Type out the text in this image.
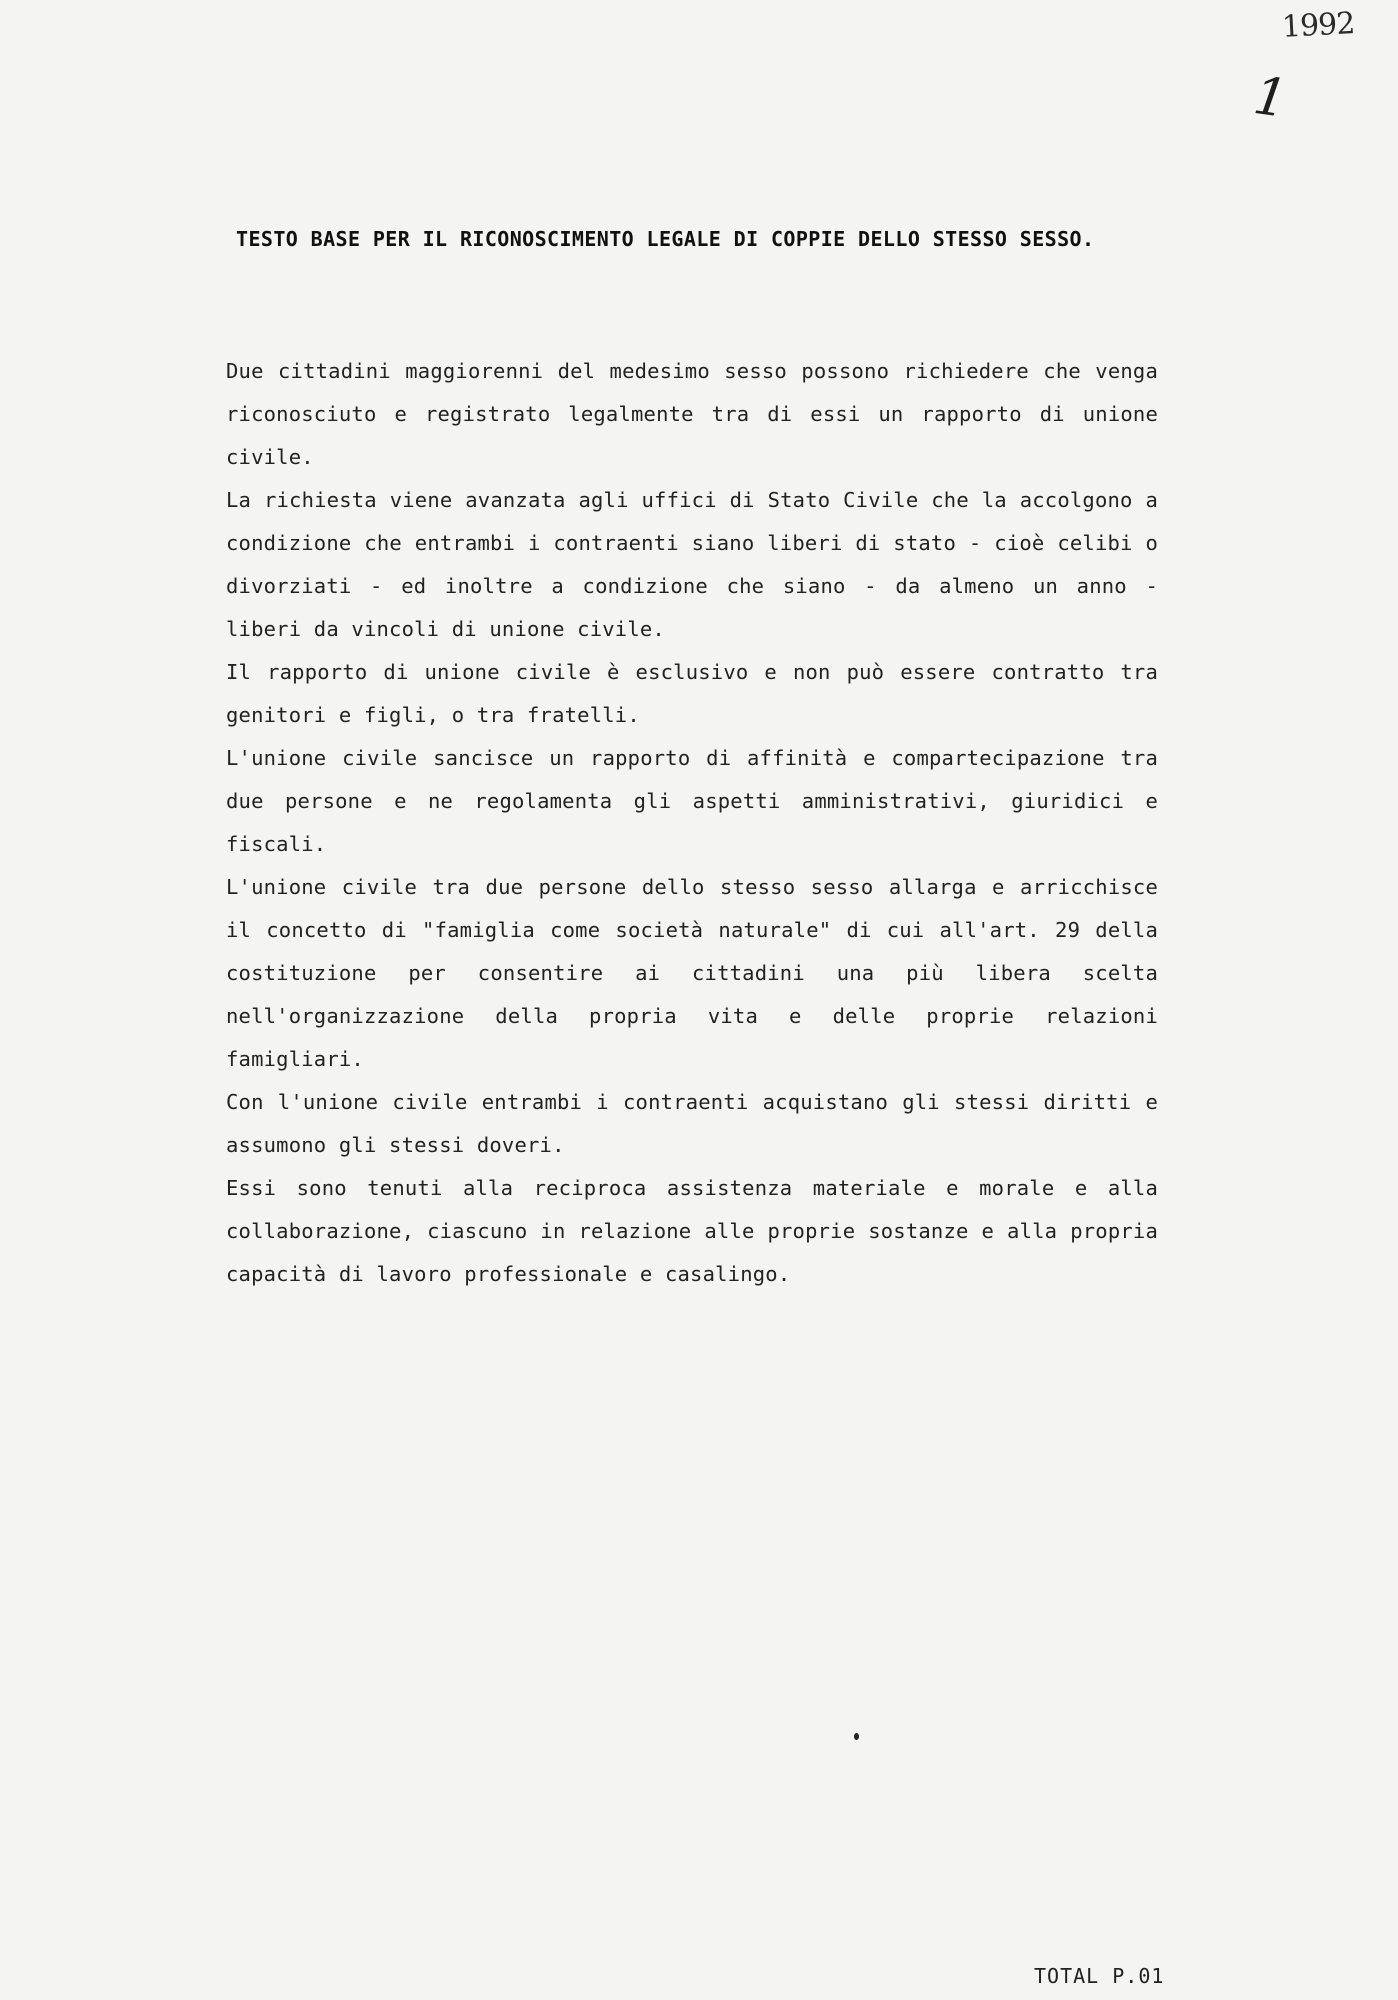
1992
1
TESTO BASE PER IL RICONOSCIMENTO LEGALE DI COPPIE DELLO STESSO SESSO.

Due cittadini maggiorenni del medesimo sesso possono richiedere che venga riconosciuto e registrato legalmente tra di essi un rapporto di unione civile.

La richiesta viene avanzata agli uffici di Stato Civile che la accolgono a condizione che entrambi i contraenti siano liberi di stato - cioè celibi o divorziati - ed inoltre a condizione che siano - da almeno un anno - liberi da vincoli di unione civile.

Il rapporto di unione civile è esclusivo e non può essere contratto tra genitori e figli, o tra fratelli.

L'unione civile sancisce un rapporto di affinità e compartecipazione tra due persone e ne regolamenta gli aspetti amministrativi, giuridici e fiscali.

L'unione civile tra due persone dello stesso sesso allarga e arricchisce il concetto di "famiglia come società naturale" di cui all'art. 29 della costituzione per consentire ai cittadini una più libera scelta nell'organizzazione della propria vita e delle proprie relazioni famigliari.

Con l'unione civile entrambi i contraenti acquistano gli stessi diritti e assumono gli stessi doveri.

Essi sono tenuti alla reciproca assistenza materiale e morale e alla collaborazione, ciascuno in relazione alle proprie sostanze e alla propria capacità di lavoro professionale e casalingo.

TOTAL P.01
